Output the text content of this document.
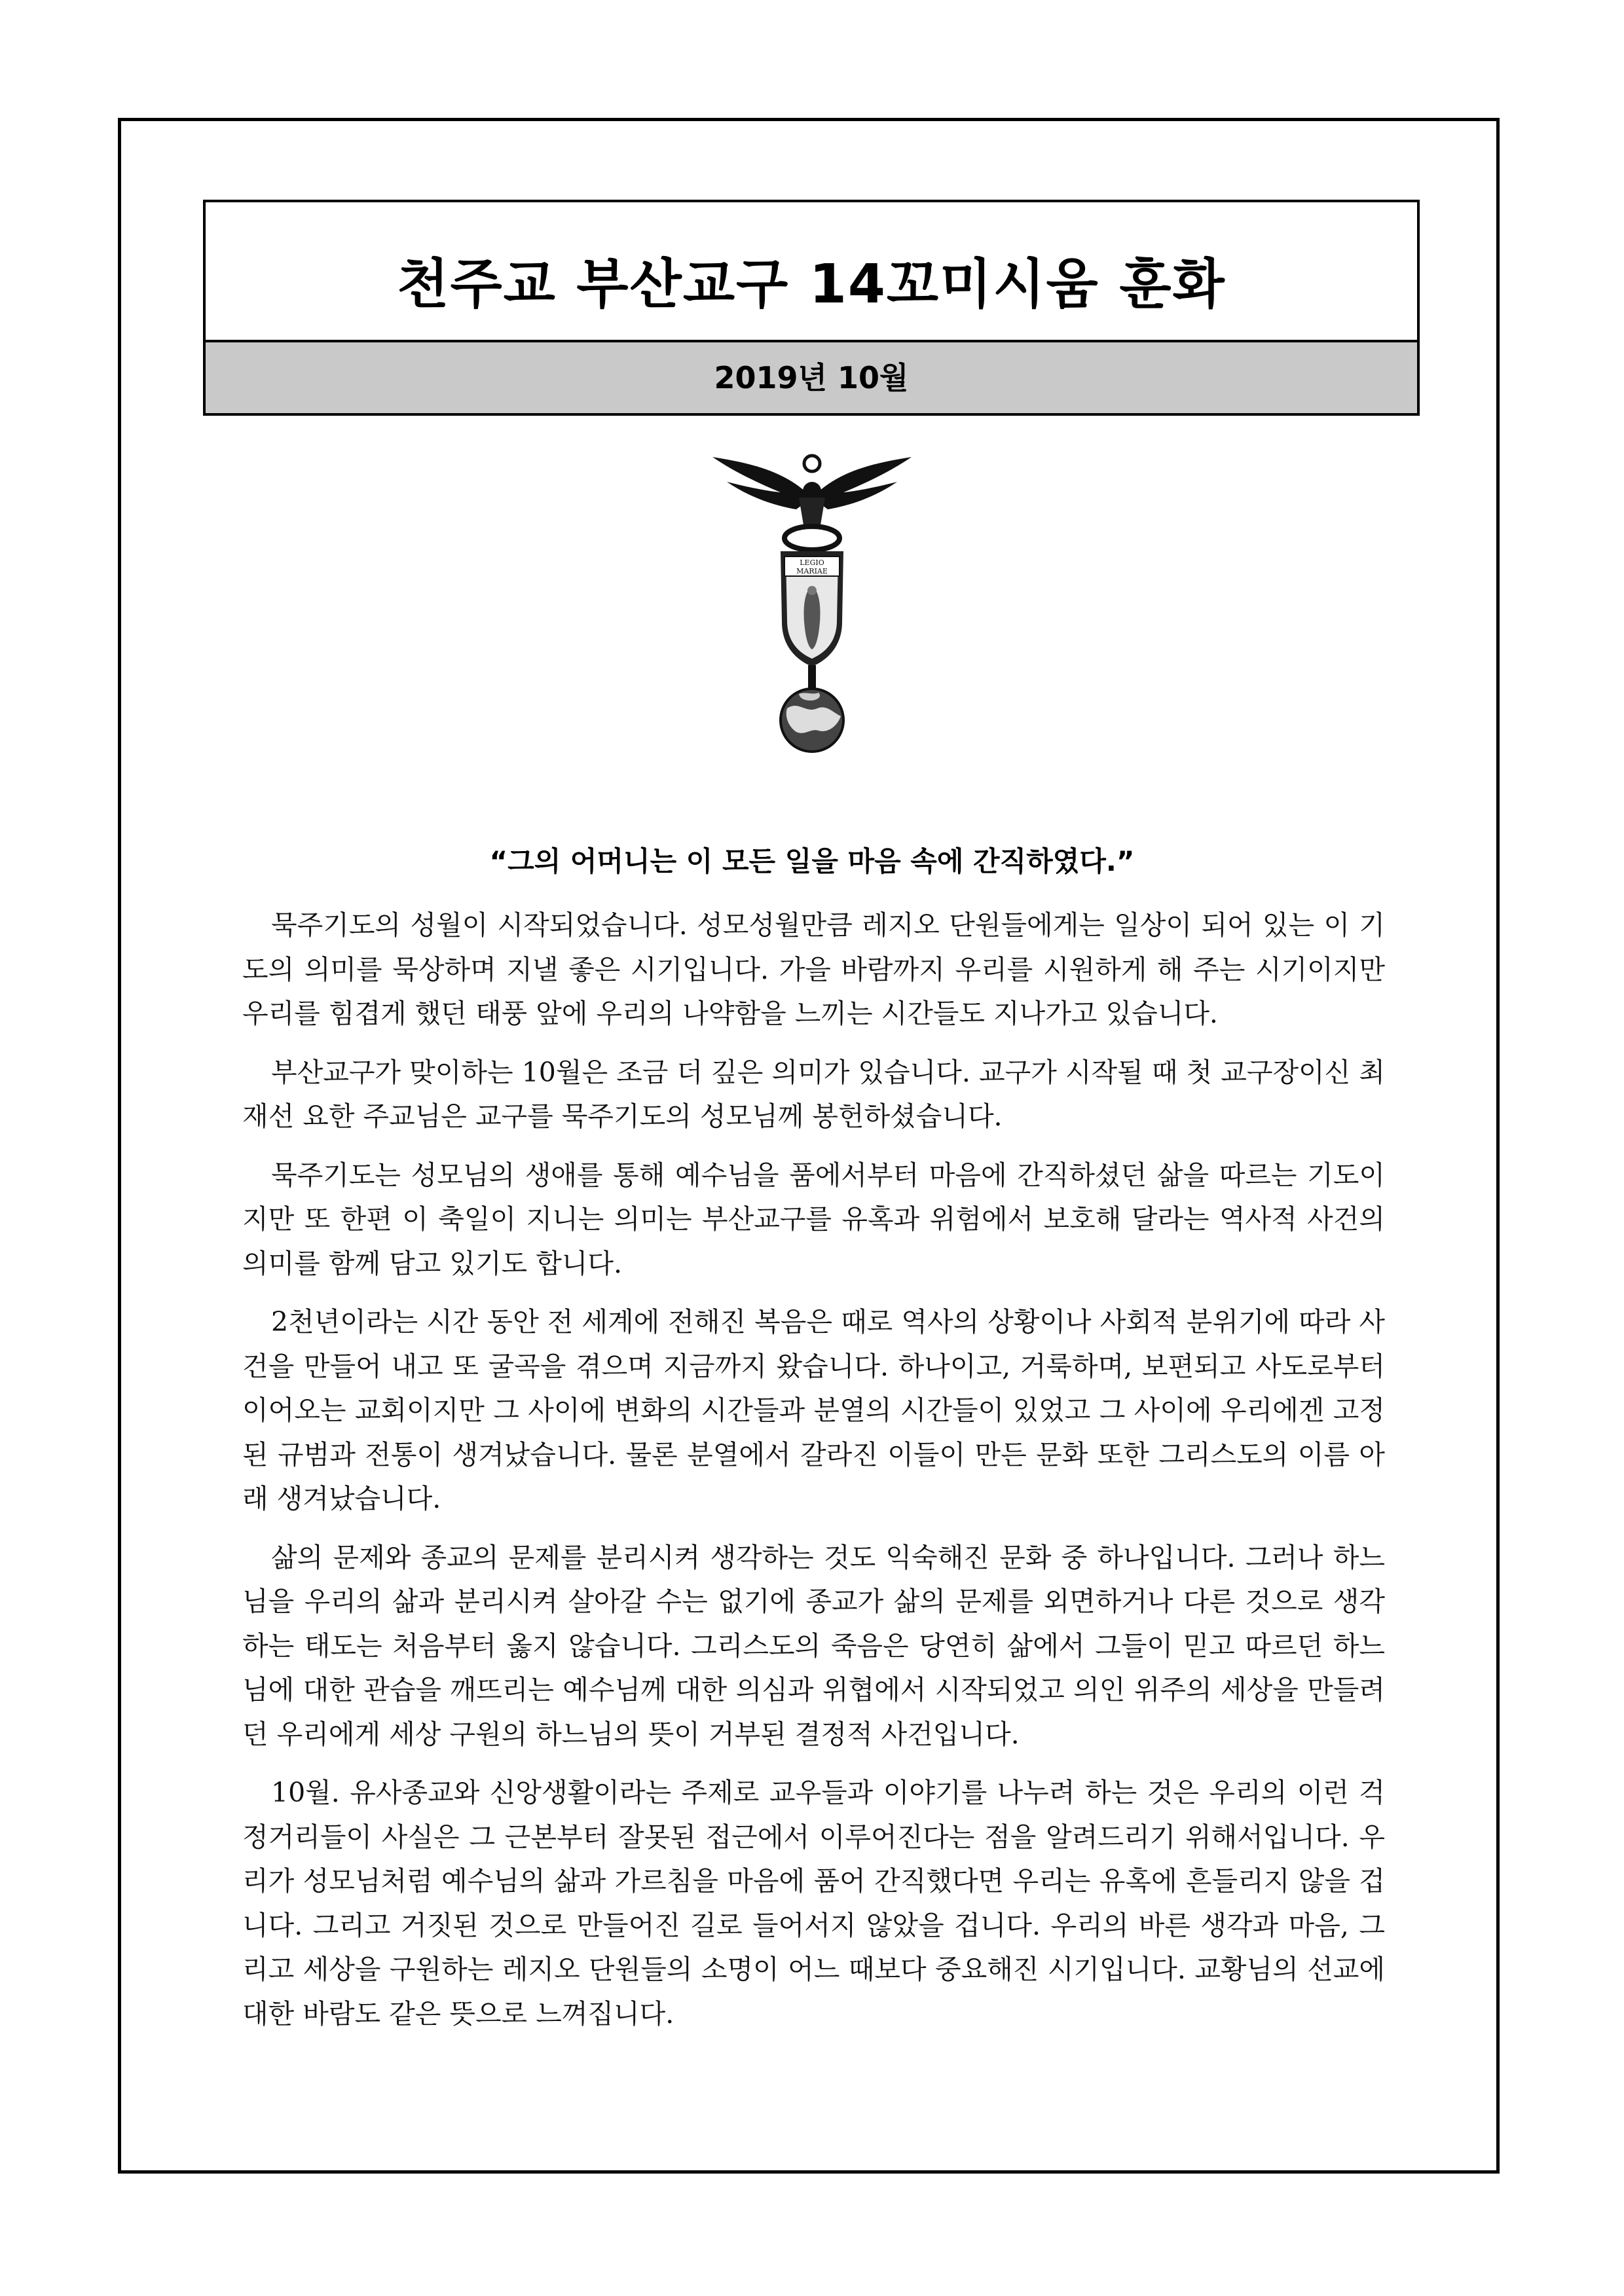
천주교 부산교구 14꼬미시움 훈화
2019년 10월
LEGIO
MARIAE
“그의 어머니는 이 모든 일을 마음 속에 간직하였다.”

묵주기도의 성월이 시작되었습니다. 성모성월만큼 레지오 단원들에게는 일상이 되어 있는 이 기도의 의미를 묵상하며 지낼 좋은 시기입니다. 가을 바람까지 우리를 시원하게 해 주는 시기이지만 우리를 힘겹게 했던 태풍 앞에 우리의 나약함을 느끼는 시간들도 지나가고 있습니다.

부산교구가 맞이하는 10월은 조금 더 깊은 의미가 있습니다. 교구가 시작될 때 첫 교구장이신 최재선 요한 주교님은 교구를 묵주기도의 성모님께 봉헌하셨습니다.

묵주기도는 성모님의 생애를 통해 예수님을 품에서부터 마음에 간직하셨던 삶을 따르는 기도이지만 또 한편 이 축일이 지니는 의미는 부산교구를 유혹과 위험에서 보호해 달라는 역사적 사건의 의미를 함께 담고 있기도 합니다.

2천년이라는 시간 동안 전 세계에 전해진 복음은 때로 역사의 상황이나 사회적 분위기에 따라 사건을 만들어 내고 또 굴곡을 겪으며 지금까지 왔습니다. 하나이고, 거룩하며, 보편되고 사도로부터 이어오는 교회이지만 그 사이에 변화의 시간들과 분열의 시간들이 있었고 그 사이에 우리에겐 고정된 규범과 전통이 생겨났습니다. 물론 분열에서 갈라진 이들이 만든 문화 또한 그리스도의 이름 아래 생겨났습니다.

삶의 문제와 종교의 문제를 분리시켜 생각하는 것도 익숙해진 문화 중 하나입니다. 그러나 하느님을 우리의 삶과 분리시켜 살아갈 수는 없기에 종교가 삶의 문제를 외면하거나 다른 것으로 생각하는 태도는 처음부터 옳지 않습니다. 그리스도의 죽음은 당연히 삶에서 그들이 믿고 따르던 하느님에 대한 관습을 깨뜨리는 예수님께 대한 의심과 위협에서 시작되었고 의인 위주의 세상을 만들려던 우리에게 세상 구원의 하느님의 뜻이 거부된 결정적 사건입니다.

10월. 유사종교와 신앙생활이라는 주제로 교우들과 이야기를 나누려 하는 것은 우리의 이런 걱정거리들이 사실은 그 근본부터 잘못된 접근에서 이루어진다는 점을 알려드리기 위해서입니다. 우리가 성모님처럼 예수님의 삶과 가르침을 마음에 품어 간직했다면 우리는 유혹에 흔들리지 않을 겁니다. 그리고 거짓된 것으로 만들어진 길로 들어서지 않았을 겁니다. 우리의 바른 생각과 마음, 그리고 세상을 구원하는 레지오 단원들의 소명이 어느 때보다 중요해진 시기입니다. 교황님의 선교에 대한 바람도 같은 뜻으로 느껴집니다.
